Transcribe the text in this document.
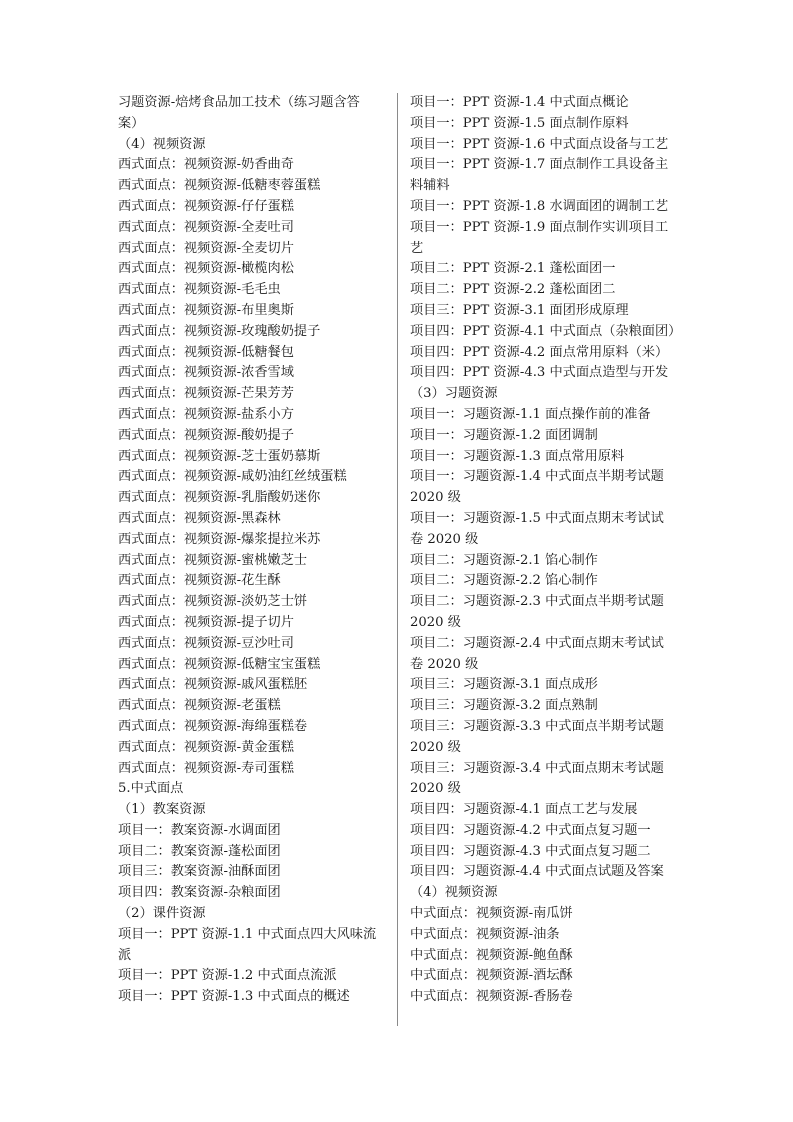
习题资源-焙烤食品加工技术（练习题含答
案）
（4）视频资源
西式面点：视频资源-奶香曲奇
西式面点：视频资源-低糖枣蓉蛋糕
西式面点：视频资源-仔仔蛋糕
西式面点：视频资源-全麦吐司
西式面点：视频资源-全麦切片
西式面点：视频资源-橄榄肉松
西式面点：视频资源-毛毛虫
西式面点：视频资源-布里奥斯
西式面点：视频资源-玫瑰酸奶提子
西式面点：视频资源-低糖餐包
西式面点：视频资源-浓香雪域
西式面点：视频资源-芒果芳芳
西式面点：视频资源-盐系小方
西式面点：视频资源-酸奶提子
西式面点：视频资源-芝士蛋奶慕斯
西式面点：视频资源-咸奶油红丝绒蛋糕
西式面点：视频资源-乳脂酸奶迷你
西式面点：视频资源-黑森林
西式面点：视频资源-爆浆提拉米苏
西式面点：视频资源-蜜桃嫩芝士
西式面点：视频资源-花生酥
西式面点：视频资源-淡奶芝士饼
西式面点：视频资源-提子切片
西式面点：视频资源-豆沙吐司
西式面点：视频资源-低糖宝宝蛋糕
西式面点：视频资源-戚风蛋糕胚
西式面点：视频资源-老蛋糕
西式面点：视频资源-海绵蛋糕卷
西式面点：视频资源-黄金蛋糕
西式面点：视频资源-寿司蛋糕
5.中式面点
（1）教案资源
项目一：教案资源-水调面团
项目二：教案资源-蓬松面团
项目三：教案资源-油酥面团
项目四：教案资源-杂粮面团
（2）课件资源
项目一：PPT 资源-1.1 中式面点四大风味流
派
项目一：PPT 资源-1.2 中式面点流派
项目一：PPT 资源-1.3 中式面点的概述
项目一：PPT 资源-1.4 中式面点概论
项目一：PPT 资源-1.5 面点制作原料
项目一：PPT 资源-1.6 中式面点设备与工艺
项目一：PPT 资源-1.7 面点制作工具设备主
料辅料
项目一：PPT 资源-1.8 水调面团的调制工艺
项目一：PPT 资源-1.9 面点制作实训项目工
艺
项目二：PPT 资源-2.1 蓬松面团一
项目二：PPT 资源-2.2 蓬松面团二
项目三：PPT 资源-3.1 面团形成原理
项目四：PPT 资源-4.1 中式面点（杂粮面团）
项目四：PPT 资源-4.2 面点常用原料（米）
项目四：PPT 资源-4.3 中式面点造型与开发
（3）习题资源
项目一：习题资源-1.1 面点操作前的准备
项目一：习题资源-1.2 面团调制
项目一：习题资源-1.3 面点常用原料
项目一：习题资源-1.4 中式面点半期考试题
2020 级
项目一：习题资源-1.5 中式面点期末考试试
卷 2020 级
项目二：习题资源-2.1 馅心制作
项目二：习题资源-2.2 馅心制作
项目二：习题资源-2.3 中式面点半期考试题
2020 级
项目二：习题资源-2.4 中式面点期末考试试
卷 2020 级
项目三：习题资源-3.1 面点成形
项目三：习题资源-3.2 面点熟制
项目三：习题资源-3.3 中式面点半期考试题
2020 级
项目三：习题资源-3.4 中式面点期末考试题
2020 级
项目四：习题资源-4.1 面点工艺与发展
项目四：习题资源-4.2 中式面点复习题一
项目四：习题资源-4.3 中式面点复习题二
项目四：习题资源-4.4 中式面点试题及答案
（4）视频资源
中式面点：视频资源-南瓜饼
中式面点：视频资源-油条
中式面点：视频资源-鲍鱼酥
中式面点：视频资源-酒坛酥
中式面点：视频资源-香肠卷
